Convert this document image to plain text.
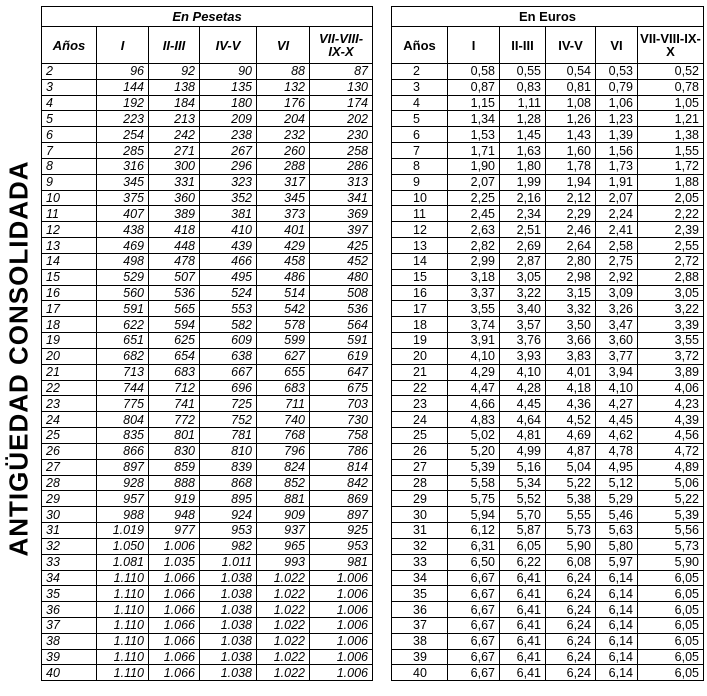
ANTIGÜEDAD CONSOLIDADA
En Pesetas					
Años	I	II-III	IV-V	VI	VII-VIII-IX-X
2	96	92	90	88	87
3	144	138	135	132	130
4	192	184	180	176	174
5	223	213	209	204	202
6	254	242	238	232	230
7	285	271	267	260	258
8	316	300	296	288	286
9	345	331	323	317	313
10	375	360	352	345	341
11	407	389	381	373	369
12	438	418	410	401	397
13	469	448	439	429	425
14	498	478	466	458	452
15	529	507	495	486	480
16	560	536	524	514	508
17	591	565	553	542	536
18	622	594	582	578	564
19	651	625	609	599	591
20	682	654	638	627	619
21	713	683	667	655	647
22	744	712	696	683	675
23	775	741	725	711	703
24	804	772	752	740	730
25	835	801	781	768	758
26	866	830	810	796	786
27	897	859	839	824	814
28	928	888	868	852	842
29	957	919	895	881	869
30	988	948	924	909	897
31	1.019	977	953	937	925
32	1.050	1.006	982	965	953
33	1.081	1.035	1.011	993	981
34	1.110	1.066	1.038	1.022	1.006
35	1.110	1.066	1.038	1.022	1.006
36	1.110	1.066	1.038	1.022	1.006
37	1.110	1.066	1.038	1.022	1.006
38	1.110	1.066	1.038	1.022	1.006
39	1.110	1.066	1.038	1.022	1.006
40	1.110	1.066	1.038	1.022	1.006
En Euros					
Años	I	II-III	IV-V	VI	VII-VIII-IX-X
2	0,58	0,55	0,54	0,53	0,52
3	0,87	0,83	0,81	0,79	0,78
4	1,15	1,11	1,08	1,06	1,05
5	1,34	1,28	1,26	1,23	1,21
6	1,53	1,45	1,43	1,39	1,38
7	1,71	1,63	1,60	1,56	1,55
8	1,90	1,80	1,78	1,73	1,72
9	2,07	1,99	1,94	1,91	1,88
10	2,25	2,16	2,12	2,07	2,05
11	2,45	2,34	2,29	2,24	2,22
12	2,63	2,51	2,46	2,41	2,39
13	2,82	2,69	2,64	2,58	2,55
14	2,99	2,87	2,80	2,75	2,72
15	3,18	3,05	2,98	2,92	2,88
16	3,37	3,22	3,15	3,09	3,05
17	3,55	3,40	3,32	3,26	3,22
18	3,74	3,57	3,50	3,47	3,39
19	3,91	3,76	3,66	3,60	3,55
20	4,10	3,93	3,83	3,77	3,72
21	4,29	4,10	4,01	3,94	3,89
22	4,47	4,28	4,18	4,10	4,06
23	4,66	4,45	4,36	4,27	4,23
24	4,83	4,64	4,52	4,45	4,39
25	5,02	4,81	4,69	4,62	4,56
26	5,20	4,99	4,87	4,78	4,72
27	5,39	5,16	5,04	4,95	4,89
28	5,58	5,34	5,22	5,12	5,06
29	5,75	5,52	5,38	5,29	5,22
30	5,94	5,70	5,55	5,46	5,39
31	6,12	5,87	5,73	5,63	5,56
32	6,31	6,05	5,90	5,80	5,73
33	6,50	6,22	6,08	5,97	5,90
34	6,67	6,41	6,24	6,14	6,05
35	6,67	6,41	6,24	6,14	6,05
36	6,67	6,41	6,24	6,14	6,05
37	6,67	6,41	6,24	6,14	6,05
38	6,67	6,41	6,24	6,14	6,05
39	6,67	6,41	6,24	6,14	6,05
40	6,67	6,41	6,24	6,14	6,05
